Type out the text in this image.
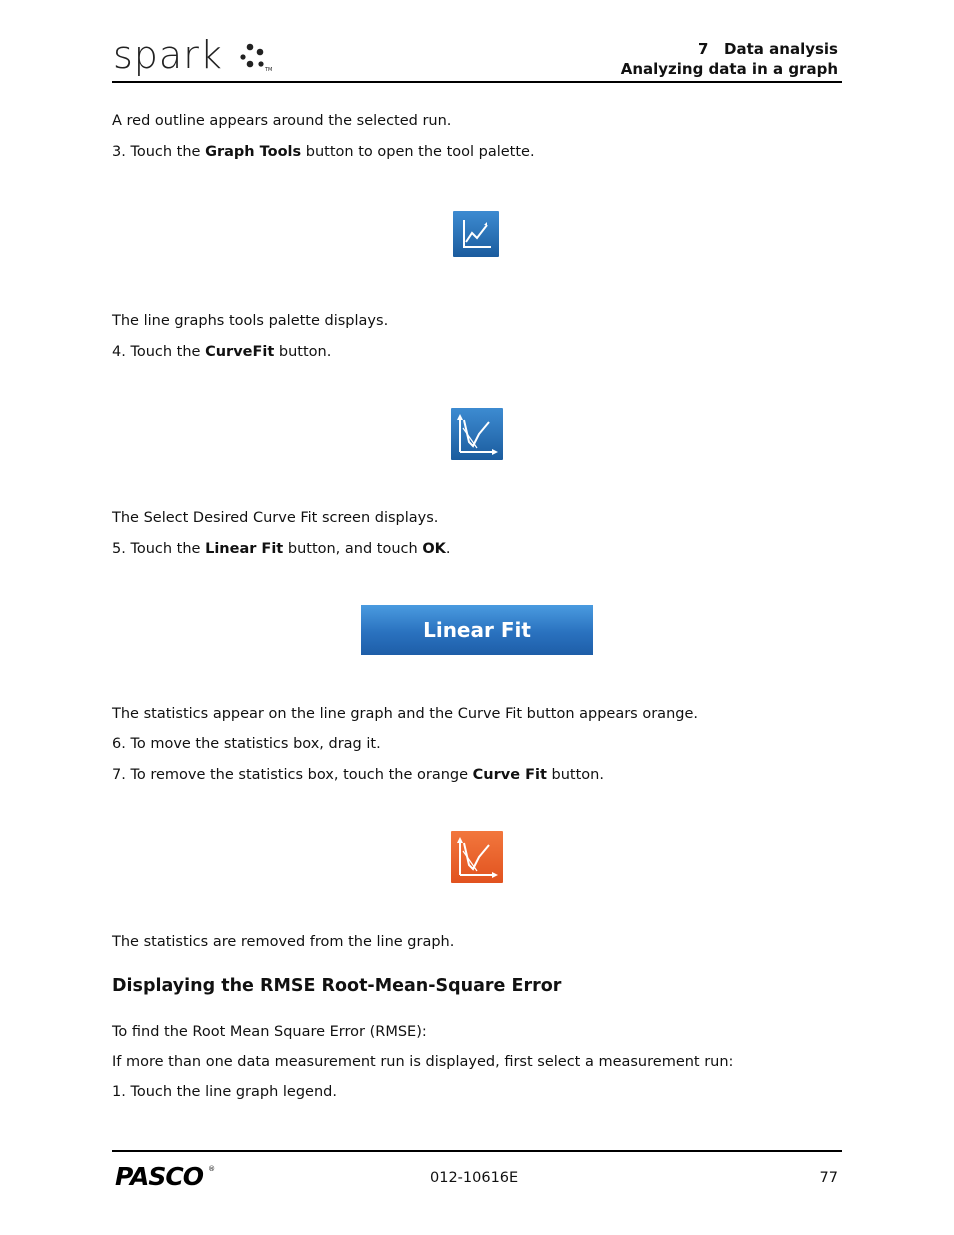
spark	TM
7   Data analysis
Analyzing data in a graph
A red outline appears around the selected run.
3. Touch the Graph Tools button to open the tool palette.
The line graphs tools palette displays.
4. Touch the CurveFit button.
The Select Desired Curve Fit screen displays.
5. Touch the Linear Fit button, and touch OK.
Linear Fit
The statistics appear on the line graph and the Curve Fit button appears orange.
6. To move the statistics box, drag it.
7. To remove the statistics box, touch the orange Curve Fit button.
The statistics are removed from the line graph.
Displaying the RMSE Root-Mean-Square Error
To find the Root Mean Square Error (RMSE):
If more than one data measurement run is displayed, first select a measurement run:
1. Touch the line graph legend.
PASCO ®
012-10616E	77
